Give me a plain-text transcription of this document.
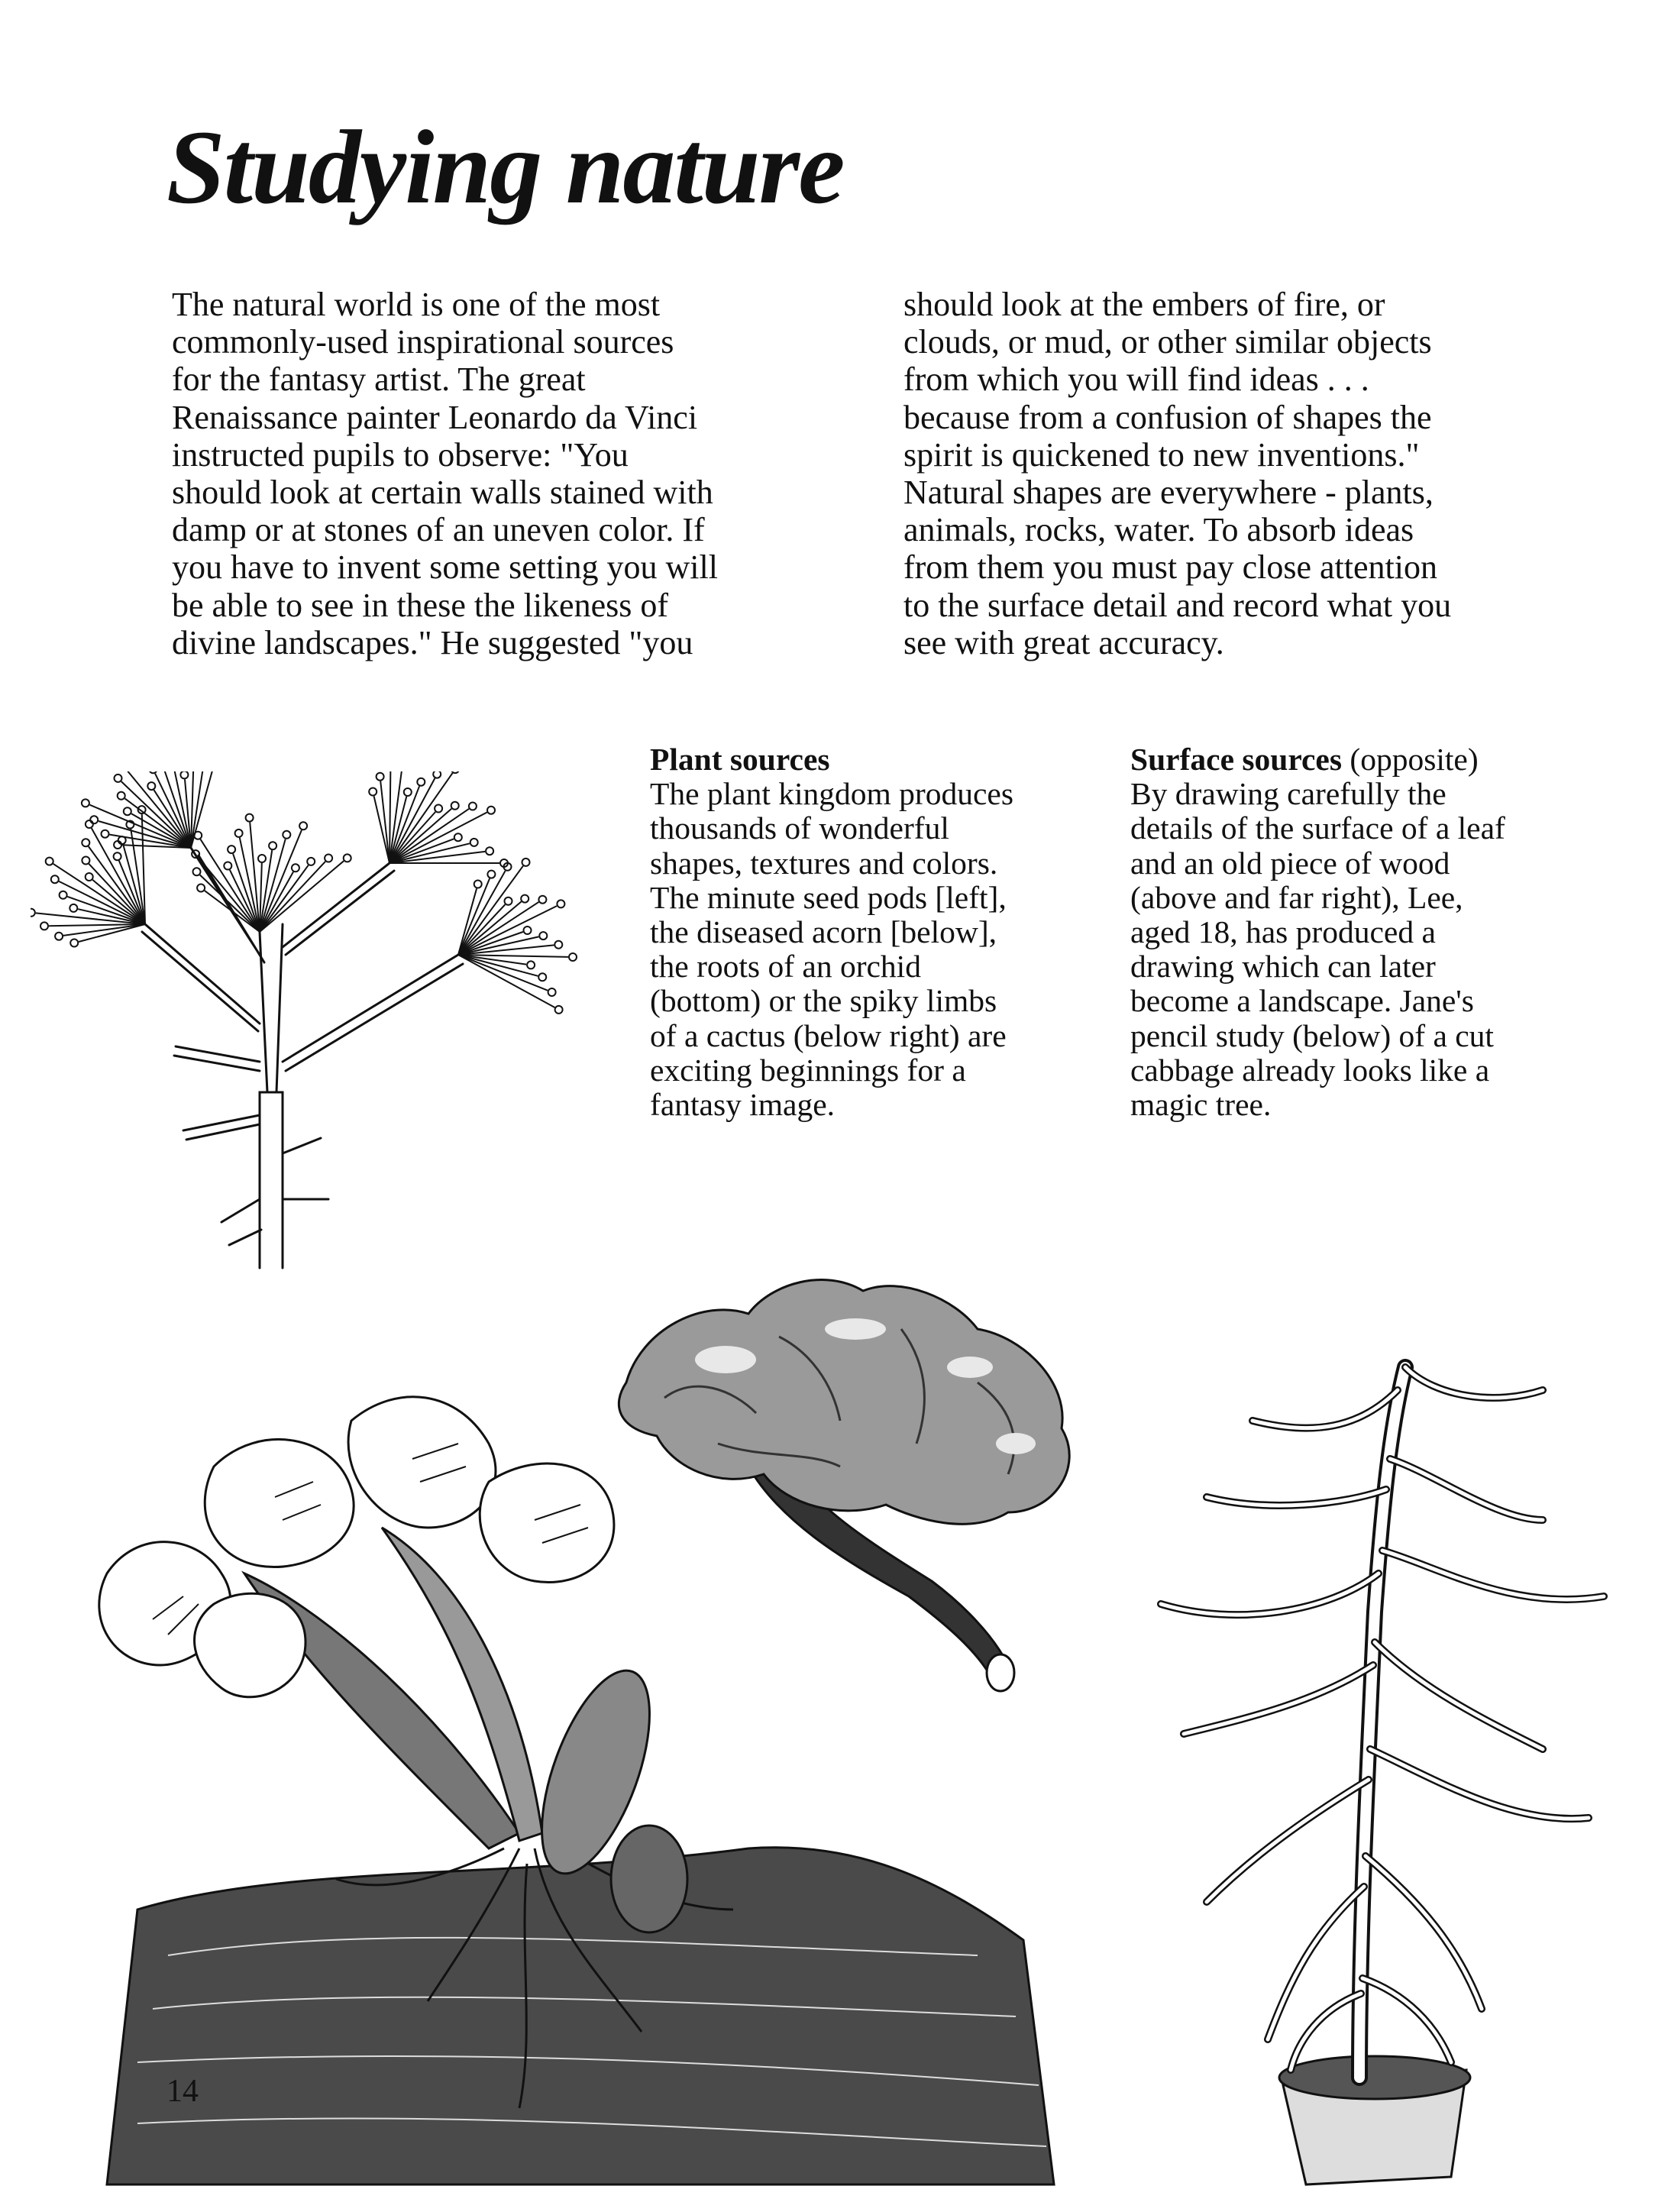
Studying nature
The natural world is one of the most
commonly-used inspirational sources
for the fantasy artist. The great
Renaissance painter Leonardo da Vinci
instructed pupils to observe: "You
should look at certain walls stained with
damp or at stones of an uneven color. If
you have to invent some setting you will
be able to see in these the likeness of
divine landscapes." He suggested "you
should look at the embers of fire, or
clouds, or mud, or other similar objects
from which you will find ideas . . .
because from a confusion of shapes the
spirit is quickened to new inventions."
Natural shapes are everywhere - plants,
animals, rocks, water. To absorb ideas
from them you must pay close attention
to the surface detail and record what you
see with great accuracy.
Plant sources
The plant kingdom produces
thousands of wonderful
shapes, textures and colors.
The minute seed pods [left],
the diseased acorn [below],
the roots of an orchid
(bottom) or the spiky limbs
of a cactus (below right) are
exciting beginnings for a
fantasy image.
Surface sources (opposite)
By drawing carefully the
details of the surface of a leaf
and an old piece of wood
(above and far right), Lee,
aged 18, has produced a
drawing which can later
become a landscape. Jane's
pencil study (below) of a cut
cabbage already looks like a
magic tree.
14
